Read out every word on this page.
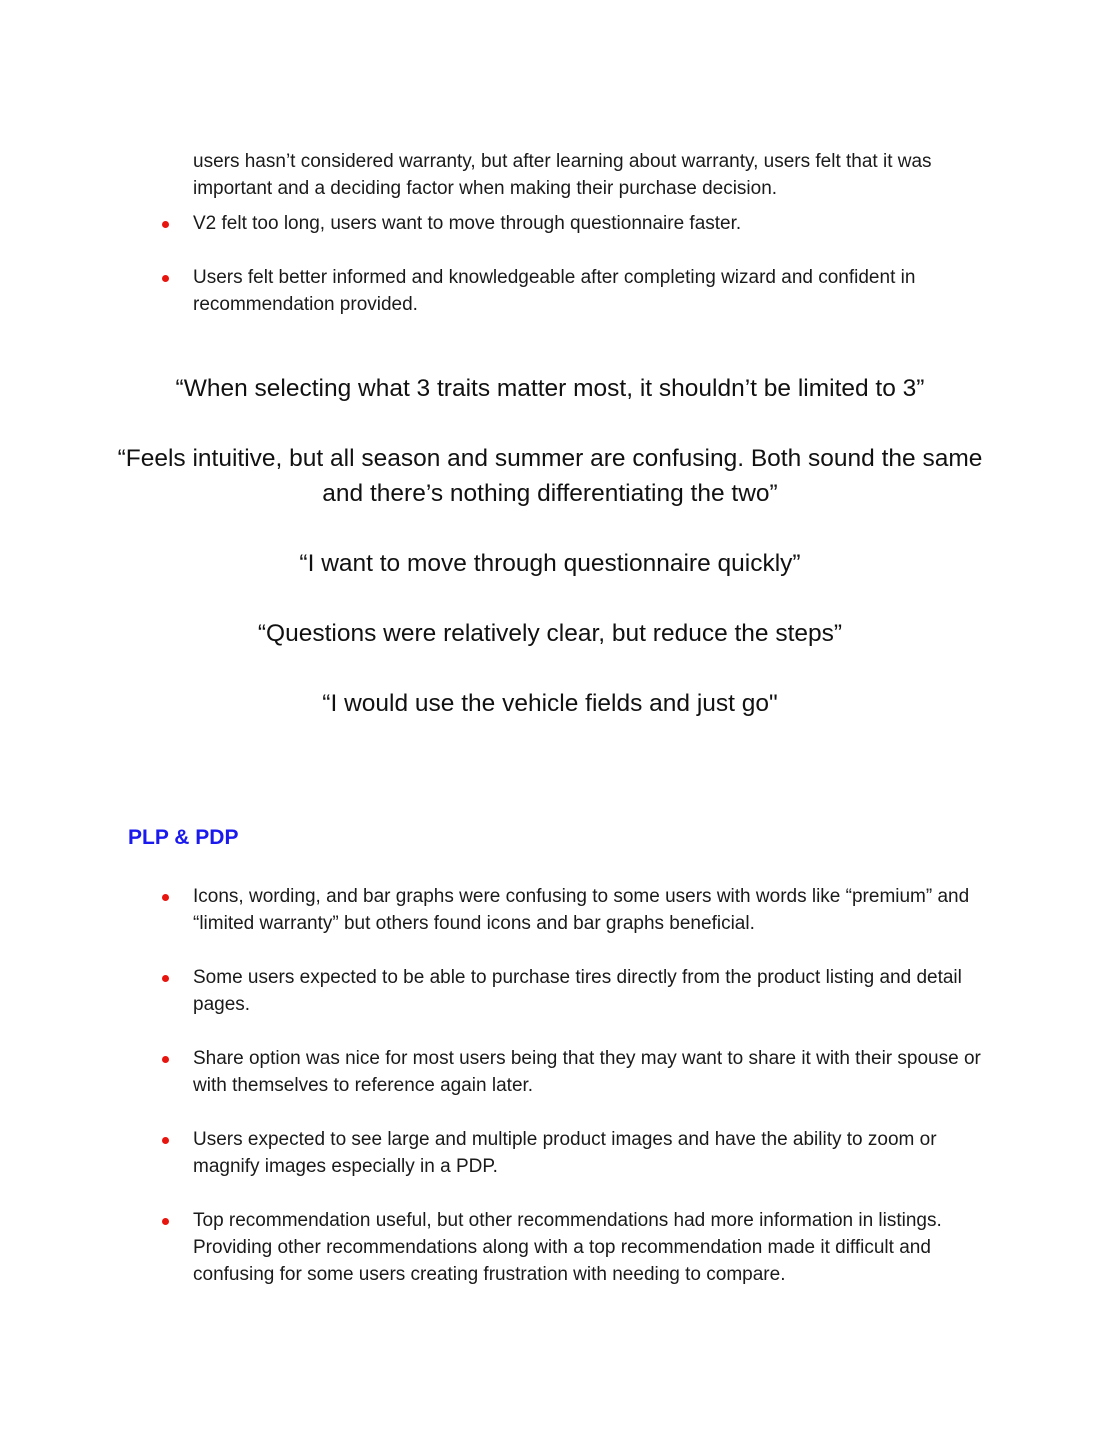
users hasn’t considered warranty, but after learning about warranty, users felt that it was important and a deciding factor when making their purchase decision.

V2 felt too long, users want to move through questionnaire faster.
Users felt better informed and knowledgeable after completing wizard and confident in recommendation provided.

“When selecting what 3 traits matter most, it shouldn’t be limited to 3”

“Feels intuitive, but all season and summer are confusing. Both sound the same and there’s nothing differentiating the two”

“I want to move through questionnaire quickly”

“Questions were relatively clear, but reduce the steps”

“I would use the vehicle fields and just go"

PLP & PDP
Icons, wording, and bar graphs were confusing to some users with words like “premium” and “limited warranty” but others found icons and bar graphs beneficial.
Some users expected to be able to purchase tires directly from the product listing and detail pages.
Share option was nice for most users being that they may want to share it with their spouse or with themselves to reference again later.
Users expected to see large and multiple product images and have the ability to zoom or magnify images especially in a PDP.
Top recommendation useful, but other recommendations had more information in listings. Providing other recommendations along with a top recommendation made it difficult and confusing for some users creating frustration with needing to compare.
